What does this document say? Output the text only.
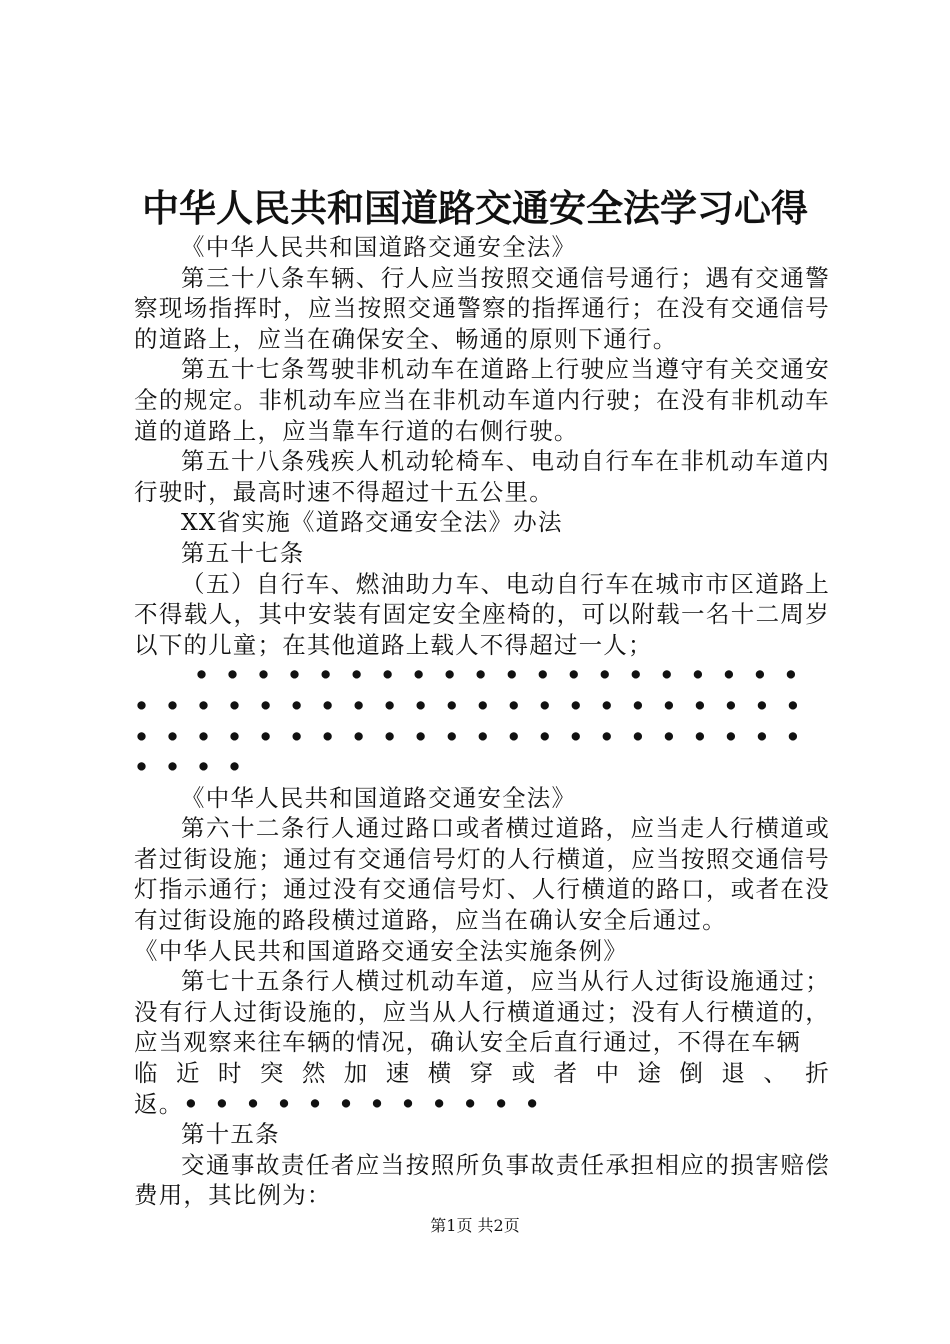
中华人民共和国道路交通安全法学习心得

《中华人民共和国道路交通安全法》

第三十八条车辆、行人应当按照交通信号通行；遇有交通警察现场指挥时，应当按照交通警察的指挥通行；在没有交通信号的道路上，应当在确保安全、畅通的原则下通行。

第五十七条驾驶非机动车在道路上行驶应当遵守有关交通安全的规定。非机动车应当在非机动车道内行驶；在没有非机动车道的道路上，应当靠车行道的右侧行驶。

第五十八条残疾人机动轮椅车、电动自行车在非机动车道内行驶时，最高时速不得超过十五公里。

XX省实施《道路交通安全法》办法

第五十七条

（五）自行车、燃油助力车、电动自行车在城市市区道路上不得载人，其中安装有固定安全座椅的，可以附载一名十二周岁以下的儿童；在其他道路上载人不得超过一人；

••••••••••••••••••••••••••••••••••••••••••••••••••••••••••••••••••••

《中华人民共和国道路交通安全法》

第六十二条行人通过路口或者横过道路，应当走人行横道或者过街设施；通过有交通信号灯的人行横道，应当按照交通信号灯指示通行；通过没有交通信号灯、人行横道的路口，或者在没有过街设施的路段横过道路，应当在确认安全后通过。

《中华人民共和国道路交通安全法实施条例》

第七十五条行人横过机动车道，应当从行人过街设施通过；没有行人过街设施的，应当从人行横道通过；没有人行横道的，应当观察来往车辆的情况，确认安全后直行通过，不得在车辆

临近时突然加速横穿或者中途倒退、折

返。••••••••••••

第十五条

交通事故责任者应当按照所负事故责任承担相应的损害赔偿费用，其比例为：

第1页 共2页
